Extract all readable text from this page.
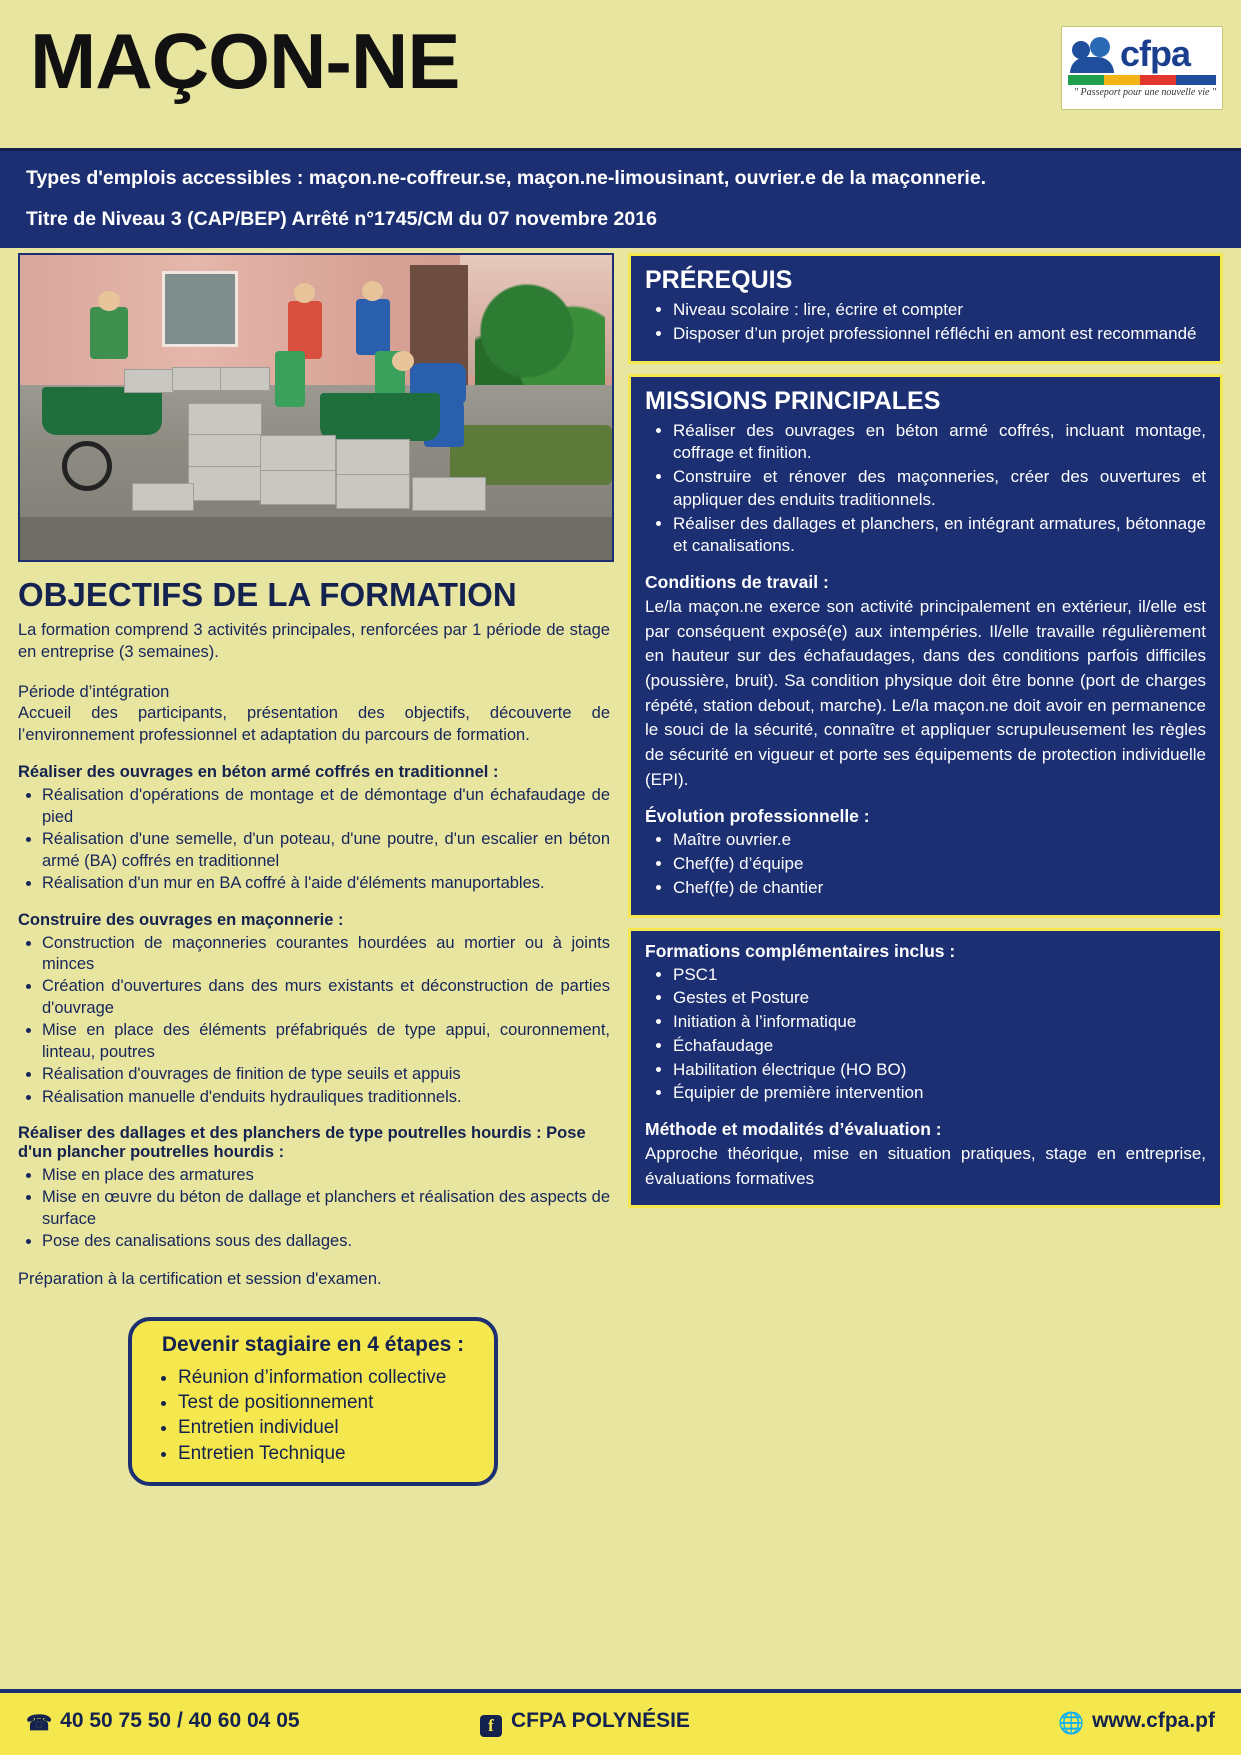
MAÇON-NE	cfpa
" Passeport pour une nouvelle vie "
Types d'emplois accessibles : maçon.ne-coffreur.se, maçon.ne-limousinant, ouvrier.e de la maçonnerie.
Titre de Niveau 3 (CAP/BEP) Arrêté n°1745/CM du 07 novembre 2016
OBJECTIFS DE LA FORMATION
La formation comprend 3 activités principales, renforcées par 1 période de stage en entreprise (3 semaines).
Période d’intégration
Accueil des participants, présentation des objectifs, découverte de l’environnement professionnel et adaptation du parcours de formation.
Réaliser des ouvrages en béton armé coffrés en traditionnel :
• Réalisation d'opérations de montage et de démontage d'un échafaudage de pied
• Réalisation d'une semelle, d'un poteau, d'une poutre, d'un escalier en béton armé (BA) coffrés en traditionnel
• Réalisation d'un mur en BA coffré à l'aide d'éléments manuportables.
Construire des ouvrages en maçonnerie :
• Construction de maçonneries courantes hourdées au mortier ou à joints minces
• Création d'ouvertures dans des murs existants et déconstruction de parties d'ouvrage
• Mise en place des éléments préfabriqués de type appui, couronnement, linteau, poutres
• Réalisation d'ouvrages de finition de type seuils et appuis
• Réalisation manuelle d'enduits hydrauliques traditionnels.
Réaliser des dallages et des planchers de type poutrelles hourdis : Pose d'un plancher poutrelles hourdis :
• Mise en place des armatures
• Mise en œuvre du béton de dallage et planchers et réalisation des aspects de surface
• Pose des canalisations sous des dallages.
Préparation à la certification et session d'examen.
Devenir stagiaire en 4 étapes :
• Réunion d’information collective
• Test de positionnement
• Entretien individuel
• Entretien Technique
PRÉREQUIS
• Niveau scolaire : lire, écrire et compter
• Disposer d’un projet professionnel réfléchi en amont est recommandé
MISSIONS PRINCIPALES
• Réaliser des ouvrages en béton armé coffrés, incluant montage, coffrage et finition.
• Construire et rénover des maçonneries, créer des ouvertures et appliquer des enduits traditionnels.
• Réaliser des dallages et planchers, en intégrant armatures, bétonnage et canalisations.
Conditions de travail :

Le/la maçon.ne exerce son activité principalement en extérieur, il/elle est par conséquent exposé(e) aux intempéries. Il/elle travaille régulièrement en hauteur sur des échafaudages, dans des conditions parfois difficiles (poussière, bruit). Sa condition physique doit être bonne (port de charges répété, station debout, marche). Le/la maçon.ne doit avoir en permanence le souci de la sécurité, connaître et appliquer scrupuleusement les règles de sécurité en vigueur et porte ses équipements de protection individuelle (EPI).

Évolution professionnelle :
• Maître ouvrier.e
• Chef(fe) d’équipe
• Chef(fe) de chantier
Formations complémentaires inclus :
• PSC1
• Gestes et Posture
• Initiation à l’informatique
• Échafaudage
• Habilitation électrique (HO BO)
• Équipier de première intervention
Méthode et modalités d’évaluation :

Approche théorique, mise en situation pratiques, stage en entreprise, évaluations formatives

☎ 40 50 75 50 / 40 60 04 05	f CFPA POLYNÉSIE	🌐 www.cfpa.pf
